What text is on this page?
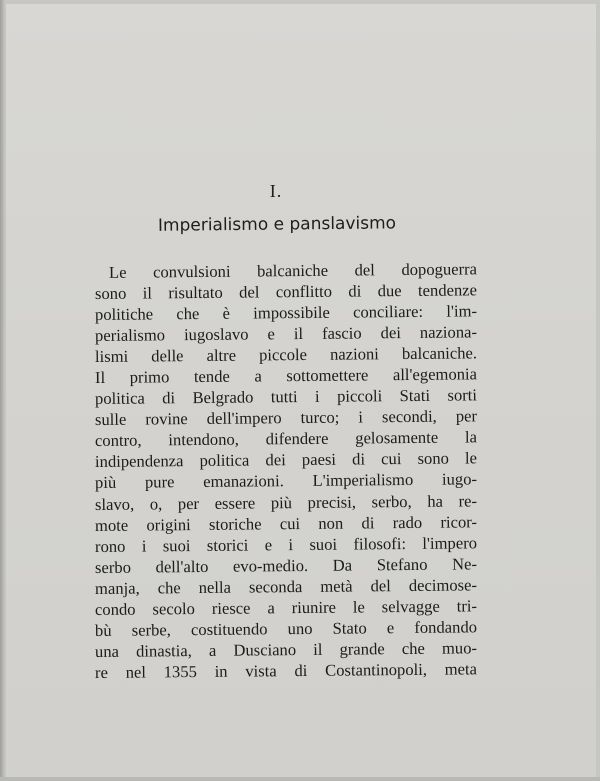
I.
Imperialismo e panslavismo
Le convulsioni balcaniche del dopoguerra
sono il risultato del conflitto di due tendenze
politiche che è impossibile conciliare: l'im-
perialismo iugoslavo e il fascio dei naziona-
lismi delle altre piccole nazioni balcaniche.
Il primo tende a sottomettere all'egemonia
politica di Belgrado tutti i piccoli Stati sorti
sulle rovine dell'impero turco; i secondi, per
contro, intendono, difendere gelosamente la
indipendenza politica dei paesi di cui sono le
più pure emanazioni. L'imperialismo iugo-
slavo, o, per essere più precisi, serbo, ha re-
mote origini storiche cui non di rado ricor-
rono i suoi storici e i suoi filosofi: l'impero
serbo dell'alto evo-medio. Da Stefano Ne-
manja, che nella seconda metà del decimose-
condo secolo riesce a riunire le selvagge tri-
bù serbe, costituendo uno Stato e fondando
una dinastia, a Dusciano il grande che muo-
re nel 1355 in vista di Costantinopoli, meta
